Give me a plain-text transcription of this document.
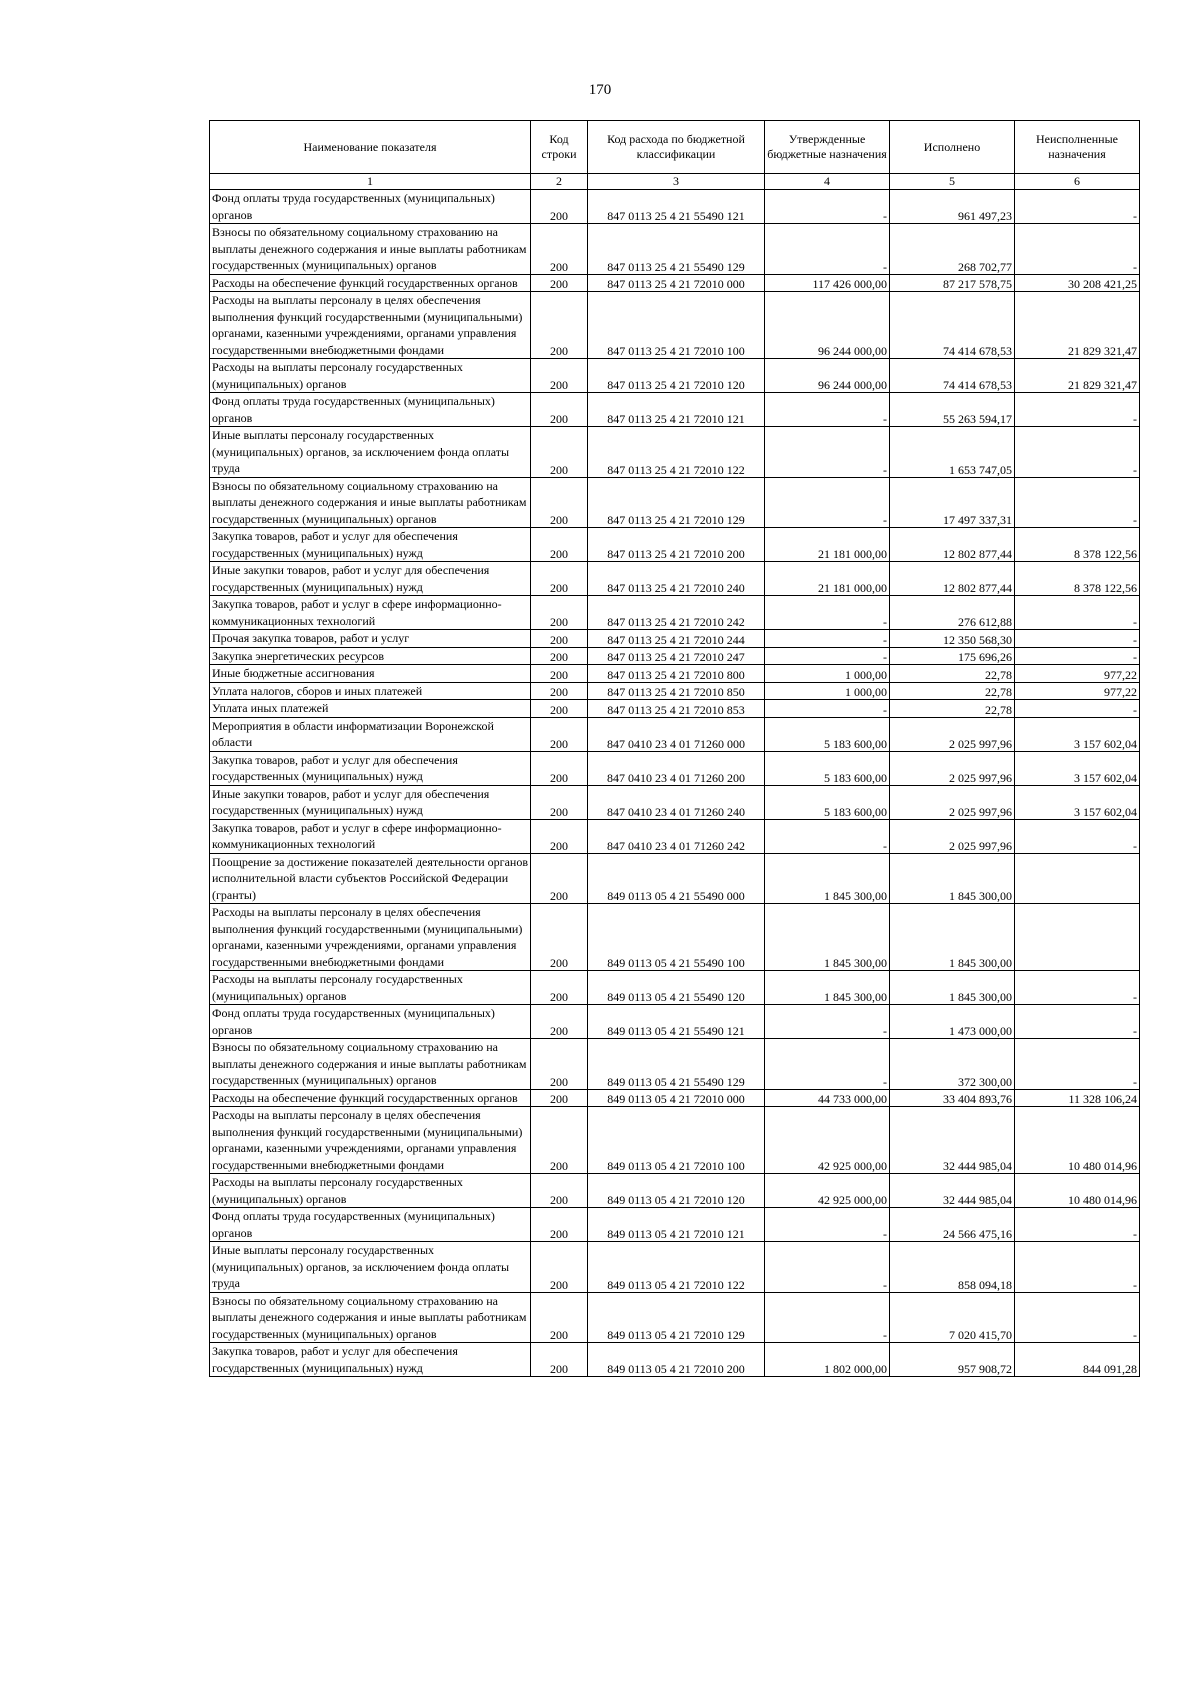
170
Наименование показателя	Код строки	Код расхода по бюджетной классификации	Утвержденные бюджетные назначения	Исполнено	Неисполненные назначения
1	2	3	4	5	6
Фонд оплаты труда государственных (муниципальных) органов	200	847 0113 25 4 21 55490 121	-	961 497,23	-
Взносы по обязательному социальному страхованию на выплаты денежного содержания и иные выплаты работникам государственных (муниципальных) органов	200	847 0113 25 4 21 55490 129	-	268 702,77	-
Расходы на обеспечение функций государственных органов	200	847 0113 25 4 21 72010 000	117 426 000,00	87 217 578,75	30 208 421,25
Расходы на выплаты персоналу в целях обеспечения выполнения функций государственными (муниципальными) органами, казенными учреждениями, органами управления государственными внебюджетными фондами	200	847 0113 25 4 21 72010 100	96 244 000,00	74 414 678,53	21 829 321,47
Расходы на выплаты персоналу государственных (муниципальных) органов	200	847 0113 25 4 21 72010 120	96 244 000,00	74 414 678,53	21 829 321,47
Фонд оплаты труда государственных (муниципальных) органов	200	847 0113 25 4 21 72010 121	-	55 263 594,17	-
Иные выплаты персоналу государственных (муниципальных) органов, за исключением фонда оплаты труда	200	847 0113 25 4 21 72010 122	-	1 653 747,05	-
Взносы по обязательному социальному страхованию на выплаты денежного содержания и иные выплаты работникам государственных (муниципальных) органов	200	847 0113 25 4 21 72010 129	-	17 497 337,31	-
Закупка товаров, работ и услуг для обеспечения государственных (муниципальных) нужд	200	847 0113 25 4 21 72010 200	21 181 000,00	12 802 877,44	8 378 122,56
Иные закупки товаров, работ и услуг для обеспечения государственных (муниципальных) нужд	200	847 0113 25 4 21 72010 240	21 181 000,00	12 802 877,44	8 378 122,56
Закупка товаров, работ и услуг в сфере информационно-коммуникационных технологий	200	847 0113 25 4 21 72010 242	-	276 612,88	-
Прочая закупка товаров, работ и услуг	200	847 0113 25 4 21 72010 244	-	12 350 568,30	-
Закупка энергетических ресурсов	200	847 0113 25 4 21 72010 247	-	175 696,26	-
Иные бюджетные ассигнования	200	847 0113 25 4 21 72010 800	1 000,00	22,78	977,22
Уплата налогов, сборов и иных платежей	200	847 0113 25 4 21 72010 850	1 000,00	22,78	977,22
Уплата иных платежей	200	847 0113 25 4 21 72010 853	-	22,78	-
Мероприятия в области информатизации Воронежской области	200	847 0410 23 4 01 71260 000	5 183 600,00	2 025 997,96	3 157 602,04
Закупка товаров, работ и услуг для обеспечения государственных (муниципальных) нужд	200	847 0410 23 4 01 71260 200	5 183 600,00	2 025 997,96	3 157 602,04
Иные закупки товаров, работ и услуг для обеспечения государственных (муниципальных) нужд	200	847 0410 23 4 01 71260 240	5 183 600,00	2 025 997,96	3 157 602,04
Закупка товаров, работ и услуг в сфере информационно-коммуникационных технологий	200	847 0410 23 4 01 71260 242	-	2 025 997,96	-
Поощрение за достижение показателей деятельности органов исполнительной власти субъектов Российской Федерации (гранты)	200	849 0113 05 4 21 55490 000	1 845 300,00	1 845 300,00	
Расходы на выплаты персоналу в целях обеспечения выполнения функций государственными (муниципальными) органами, казенными учреждениями, органами управления государственными внебюджетными фондами	200	849 0113 05 4 21 55490 100	1 845 300,00	1 845 300,00	
Расходы на выплаты персоналу государственных (муниципальных) органов	200	849 0113 05 4 21 55490 120	1 845 300,00	1 845 300,00	-
Фонд оплаты труда государственных (муниципальных) органов	200	849 0113 05 4 21 55490 121	-	1 473 000,00	-
Взносы по обязательному социальному страхованию на выплаты денежного содержания и иные выплаты работникам государственных (муниципальных) органов	200	849 0113 05 4 21 55490 129	-	372 300,00	-
Расходы на обеспечение функций государственных органов	200	849 0113 05 4 21 72010 000	44 733 000,00	33 404 893,76	11 328 106,24
Расходы на выплаты персоналу в целях обеспечения выполнения функций государственными (муниципальными) органами, казенными учреждениями, органами управления государственными внебюджетными фондами	200	849 0113 05 4 21 72010 100	42 925 000,00	32 444 985,04	10 480 014,96
Расходы на выплаты персоналу государственных (муниципальных) органов	200	849 0113 05 4 21 72010 120	42 925 000,00	32 444 985,04	10 480 014,96
Фонд оплаты труда государственных (муниципальных) органов	200	849 0113 05 4 21 72010 121	-	24 566 475,16	-
Иные выплаты персоналу государственных (муниципальных) органов, за исключением фонда оплаты труда	200	849 0113 05 4 21 72010 122	-	858 094,18	-
Взносы по обязательному социальному страхованию на выплаты денежного содержания и иные выплаты работникам государственных (муниципальных) органов	200	849 0113 05 4 21 72010 129	-	7 020 415,70	-
Закупка товаров, работ и услуг для обеспечения государственных (муниципальных) нужд	200	849 0113 05 4 21 72010 200	1 802 000,00	957 908,72	844 091,28
